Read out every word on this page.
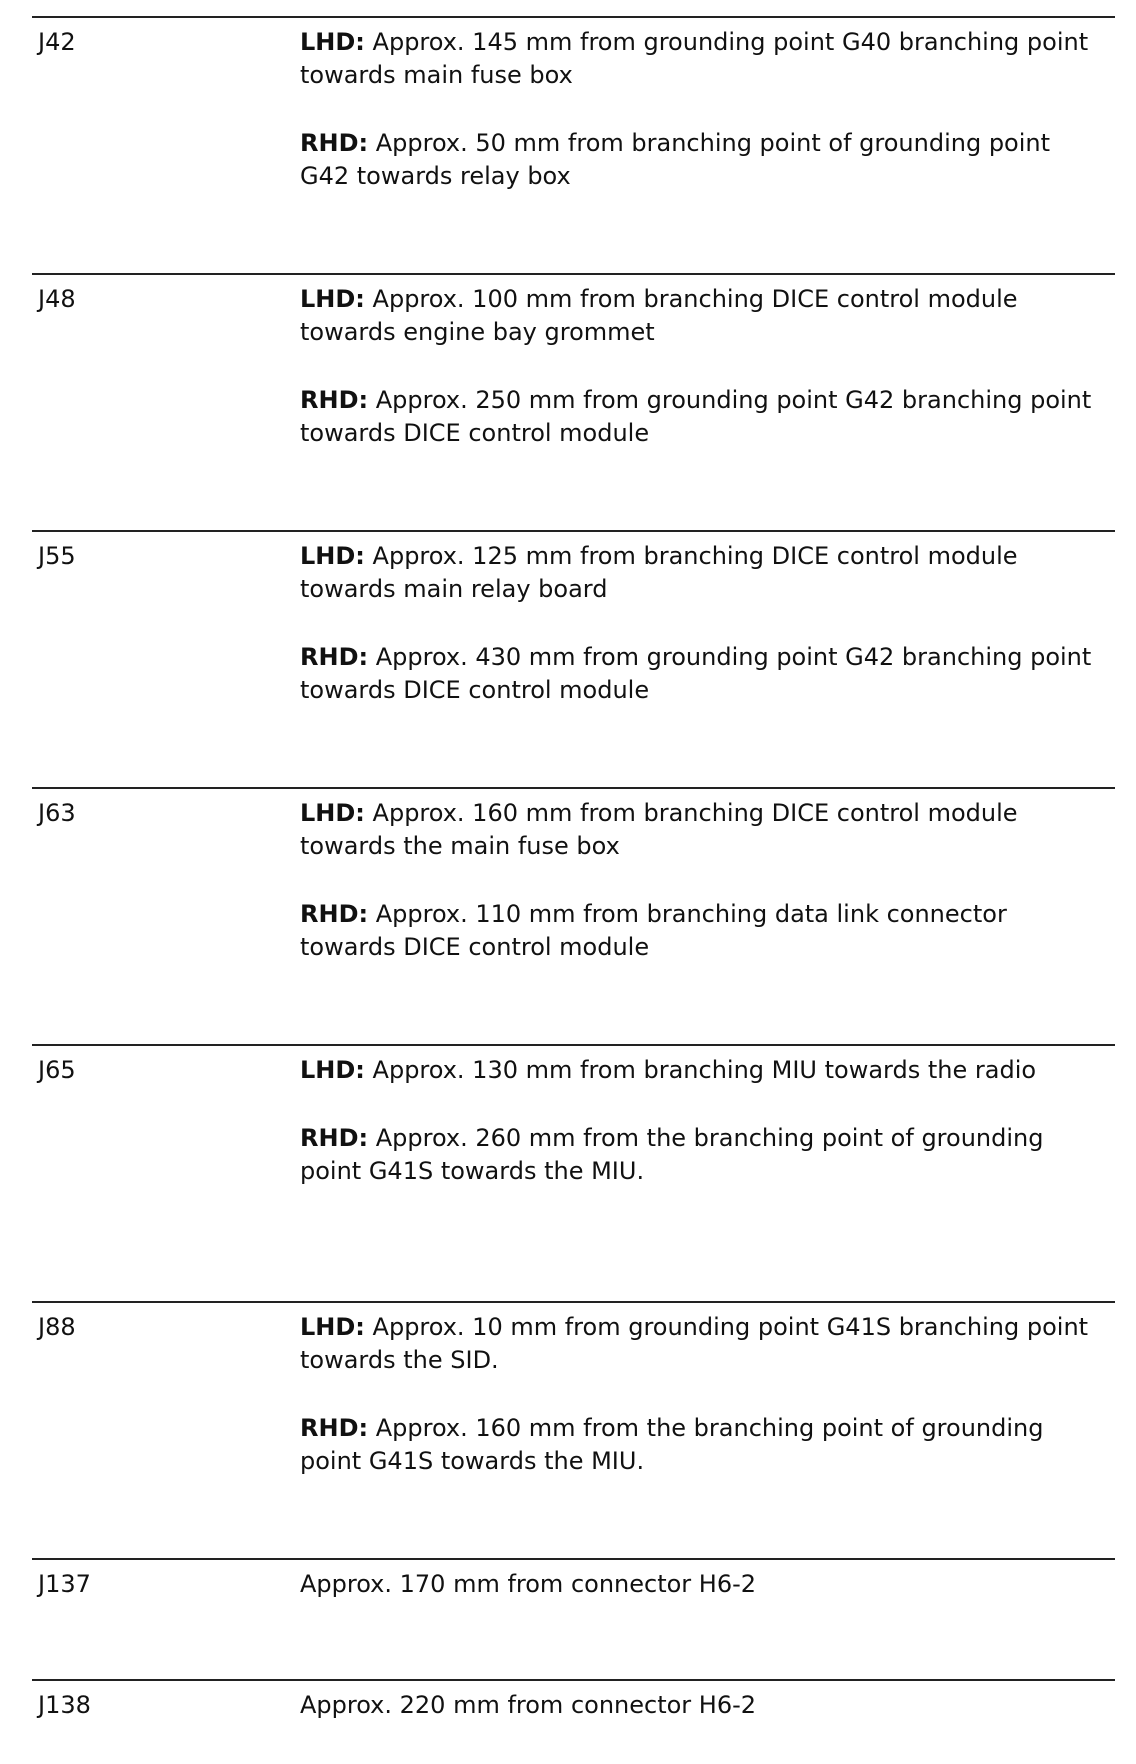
J42	LHD: Approx. 145 mm from grounding point G40 branching point towards main fuse box

RHD: Approx. 50 mm from branching point of grounding point G42 towards relay box

J48	LHD: Approx. 100 mm from branching DICE control module towards engine bay grommet

RHD: Approx. 250 mm from grounding point G42 branching point towards DICE control module

J55	LHD: Approx. 125 mm from branching DICE control module towards main relay board

RHD: Approx. 430 mm from grounding point G42 branching point towards DICE control module

J63	LHD: Approx. 160 mm from branching DICE control module towards the main fuse box

RHD: Approx. 110 mm from branching data link connector towards DICE control module

J65	LHD: Approx. 130 mm from branching MIU towards the radio

RHD: Approx. 260 mm from the branching point of grounding point G41S towards the MIU.

J88	LHD: Approx. 10 mm from grounding point G41S branching point towards the SID.

RHD: Approx. 160 mm from the branching point of grounding point G41S towards the MIU.

J137	Approx. 170 mm from connector H6-2

J138	Approx. 220 mm from connector H6-2
